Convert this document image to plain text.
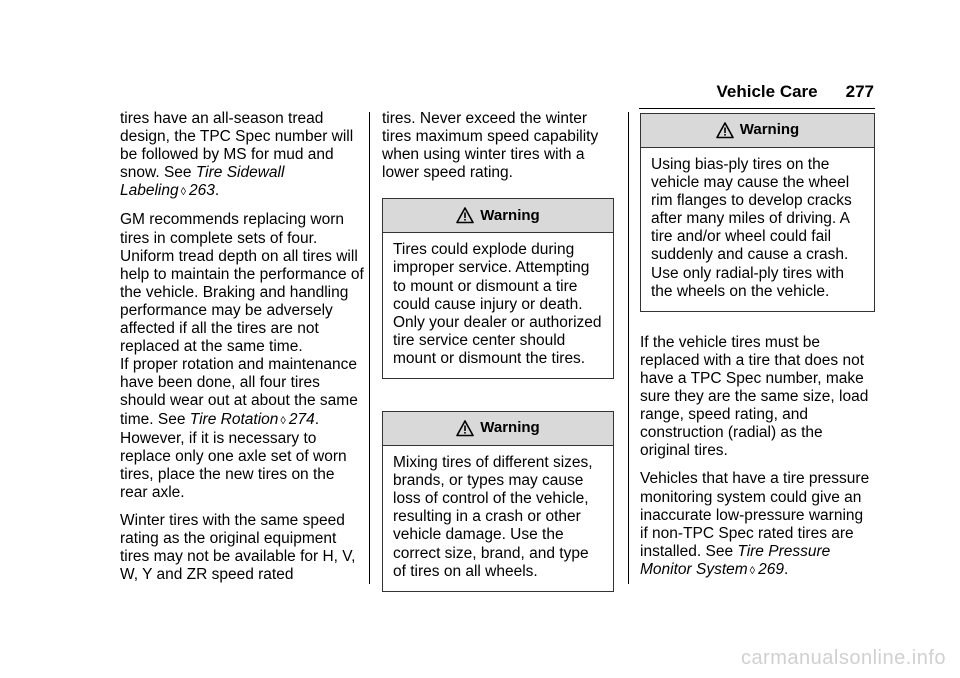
Vehicle Care 277

tires have an all-season tread design, the TPC Spec number will be followed by MS for mud and snow. See Tire Sidewall Labeling ◊ 263.

GM recommends replacing worn tires in complete sets of four. Uniform tread depth on all tires will help to maintain the performance of the vehicle. Braking and handling performance may be adversely affected if all the tires are not replaced at the same time.

If proper rotation and maintenance have been done, all four tires should wear out at about the same time. See Tire Rotation ◊ 274. However, if it is necessary to replace only one axle set of worn tires, place the new tires on the rear axle.

Winter tires with the same speed rating as the original equipment tires may not be available for H, V, W, Y and ZR speed rated

tires. Never exceed the winter tires maximum speed capability when using winter tires with a lower speed rating.

Warning
Tires could explode during improper service. Attempting to mount or dismount a tire could cause injury or death. Only your dealer or authorized tire service center should mount or dismount the tires.
Warning
Mixing tires of different sizes, brands, or types may cause loss of control of the vehicle, resulting in a crash or other vehicle damage. Use the correct size, brand, and type of tires on all wheels.
Warning
Using bias-ply tires on the vehicle may cause the wheel rim flanges to develop cracks after many miles of driving. A tire and/or wheel could fail suddenly and cause a crash. Use only radial-ply tires with the wheels on the vehicle.

If the vehicle tires must be replaced with a tire that does not have a TPC Spec number, make sure they are the same size, load range, speed rating, and construction (radial) as the original tires.

Vehicles that have a tire pressure monitoring system could give an inaccurate low-pressure warning if non-TPC Spec rated tires are installed. See Tire Pressure Monitor System ◊ 269.

carmanualsonline.info
